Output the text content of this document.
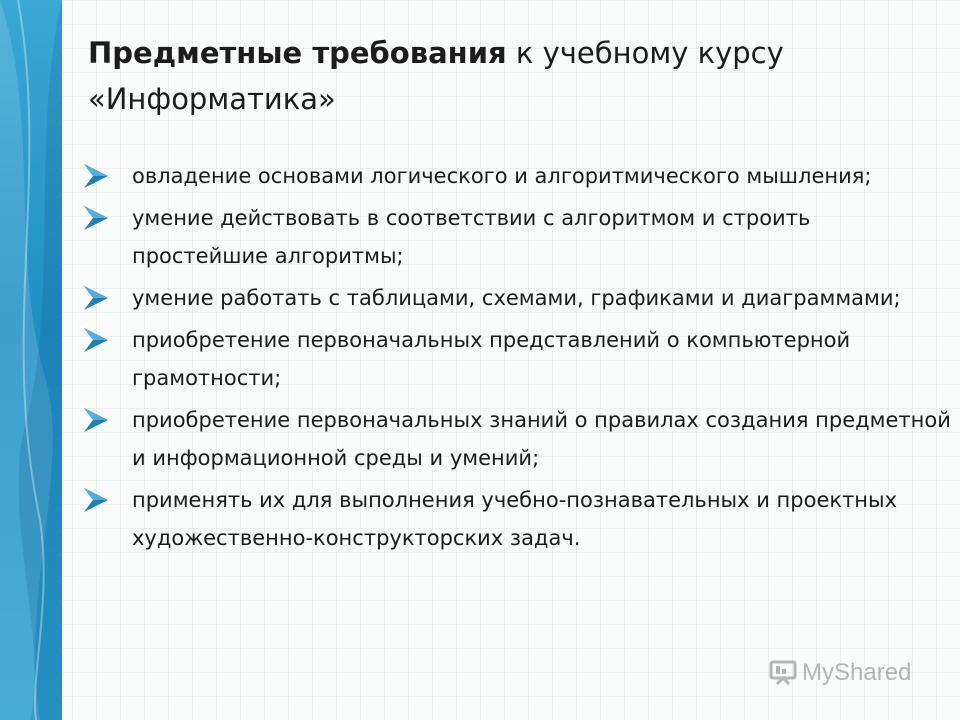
Предметные требования к учебному курсу «Информатика»
овладение основами логического и алгоритмического мышления;
умение действовать в соответствии с алгоритмом и строить простейшие алгоритмы;
умение работать с таблицами, схемами, графиками и диаграммами;
приобретение первоначальных представлений о компьютерной грамотности;
приобретение первоначальных знаний о правилах создания предметной и информационной среды и умений;
применять их для выполнения учебно-познавательных и проектных художественно-конструкторских задач.
MyShared
